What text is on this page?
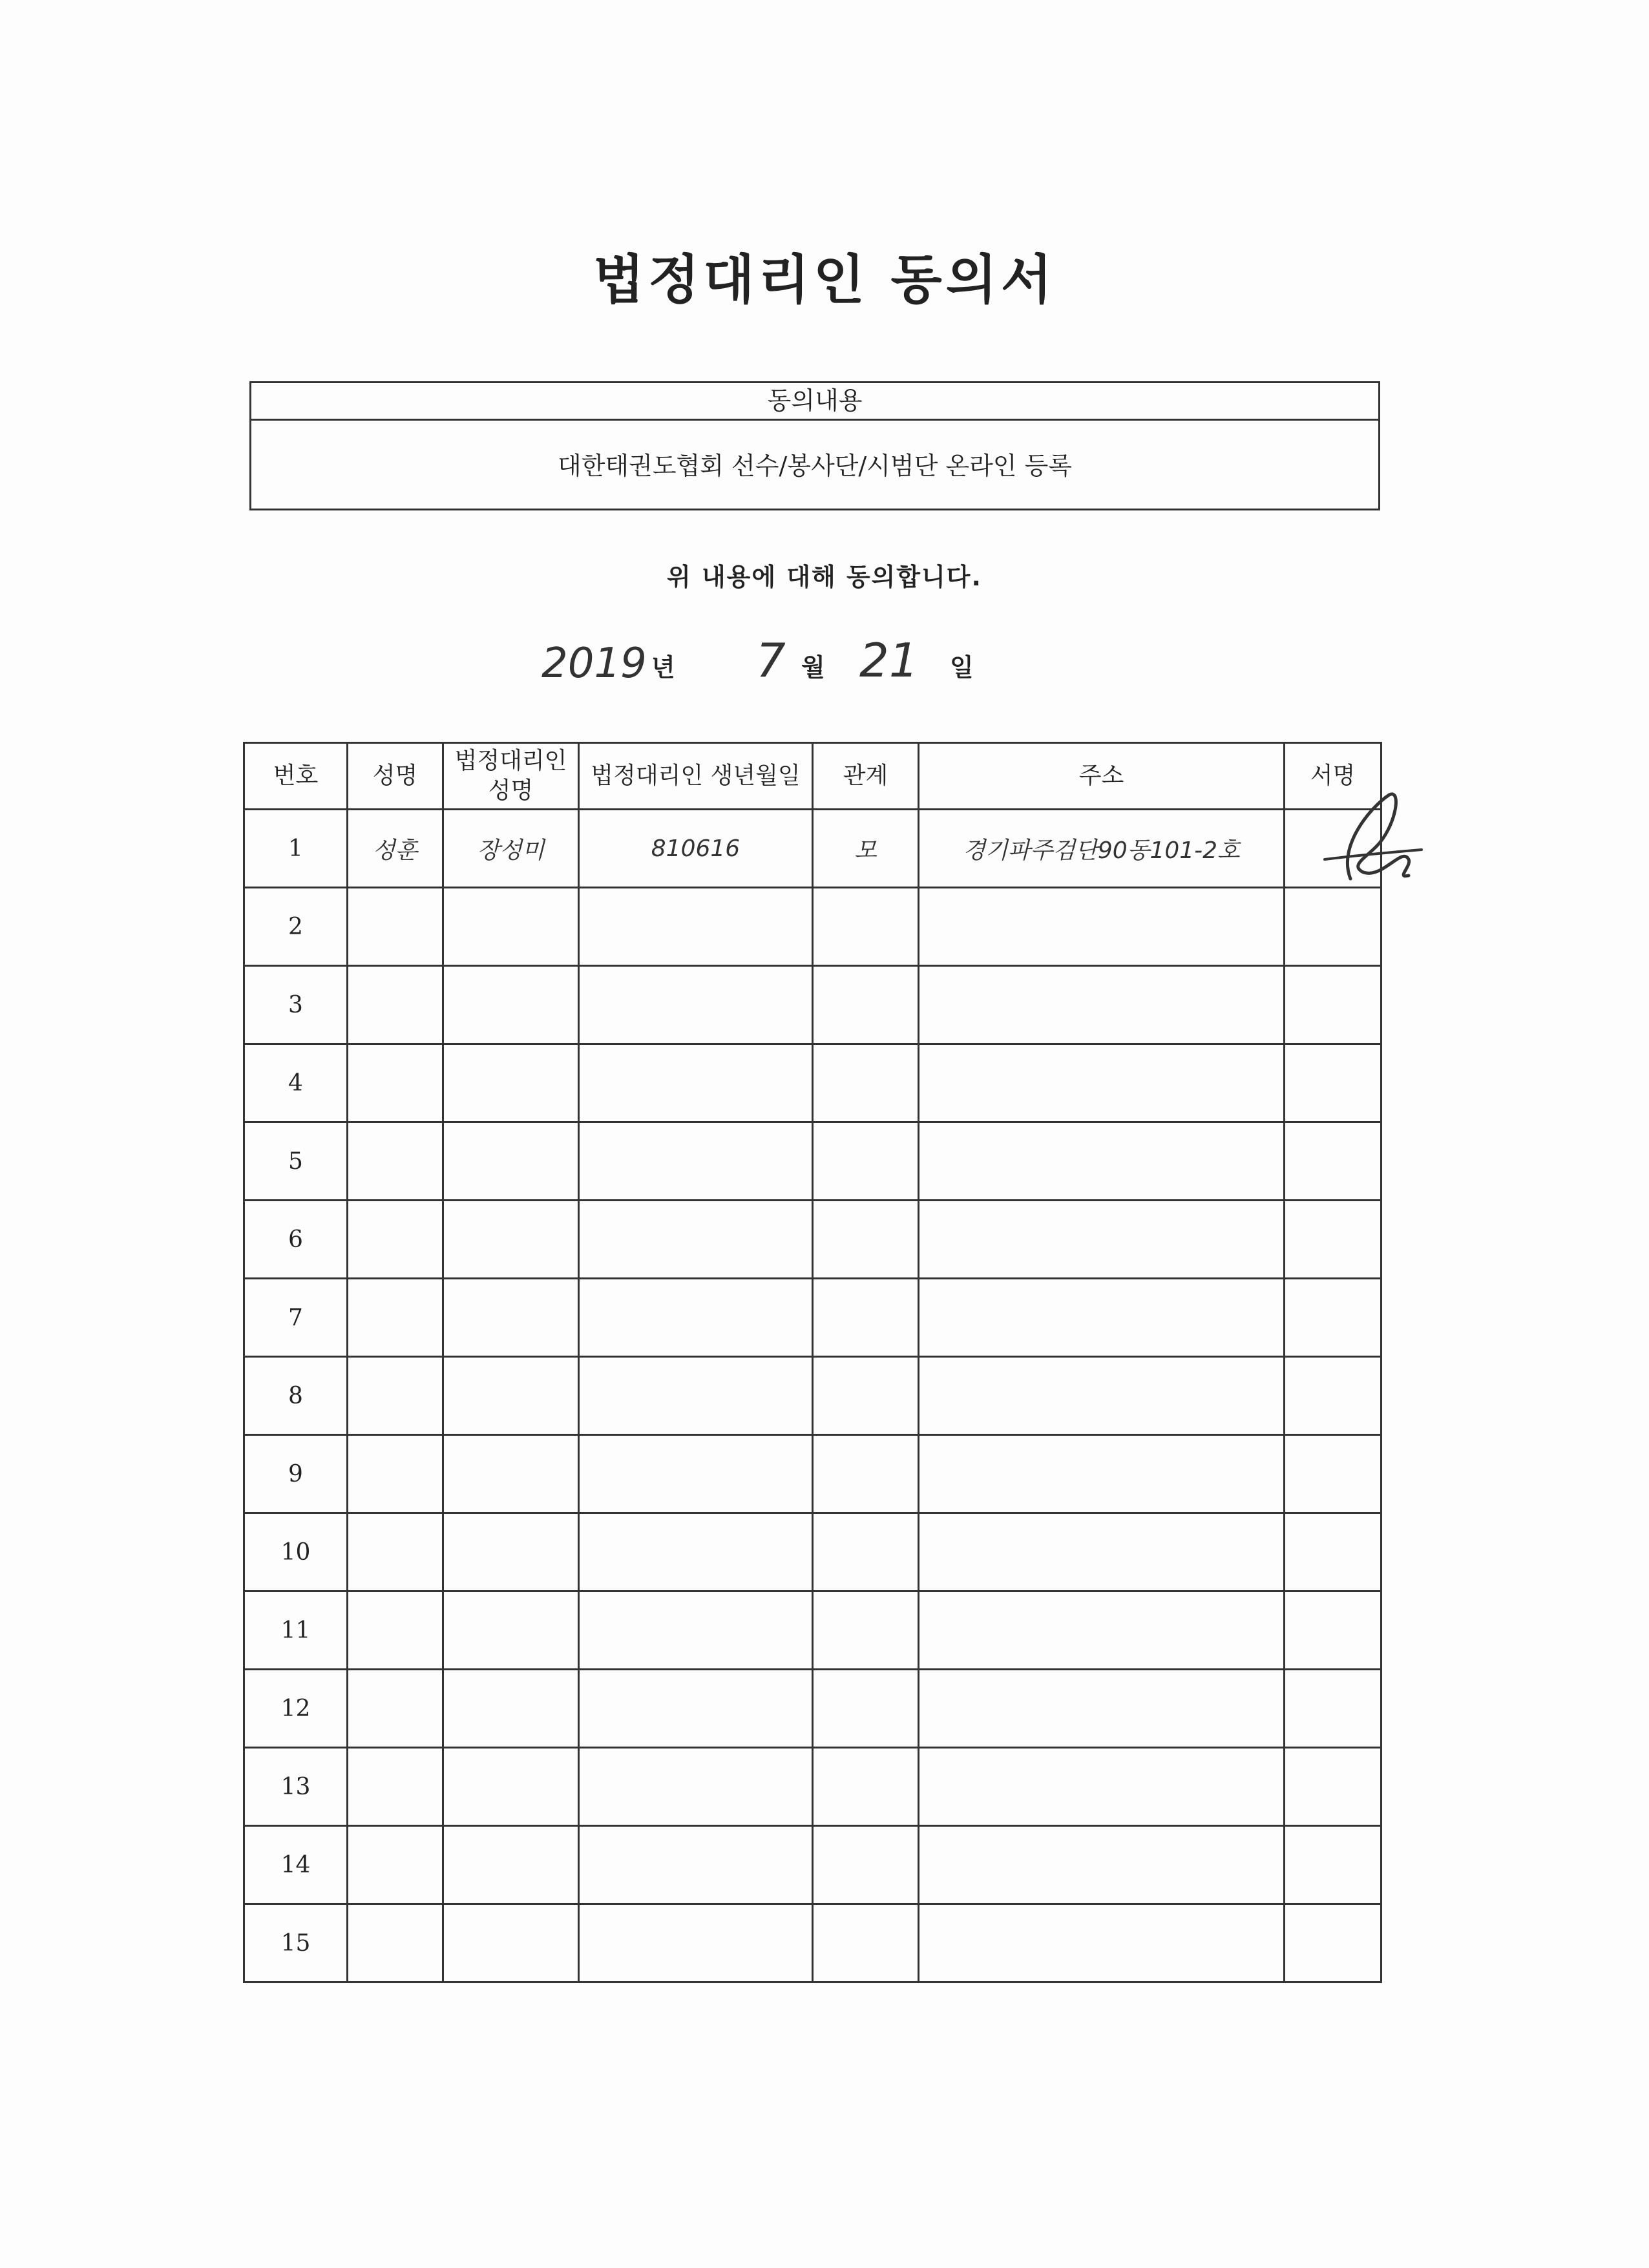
법정대리인 동의서
동의내용
대한태권도협회 선수/봉사단/시범단 온라인 등록
위 내용에 대해 동의합니다.
2019 년 7 월 21 일
번호	성명	법정대리인 성명	법정대리인 생년월일	관계	주소	서명
1	성훈	장성미	810616	모	경기파주검단90동101-2호	
2						
3						
4						
5						
6						
7						
8						
9						
10						
11						
12						
13						
14						
15						
